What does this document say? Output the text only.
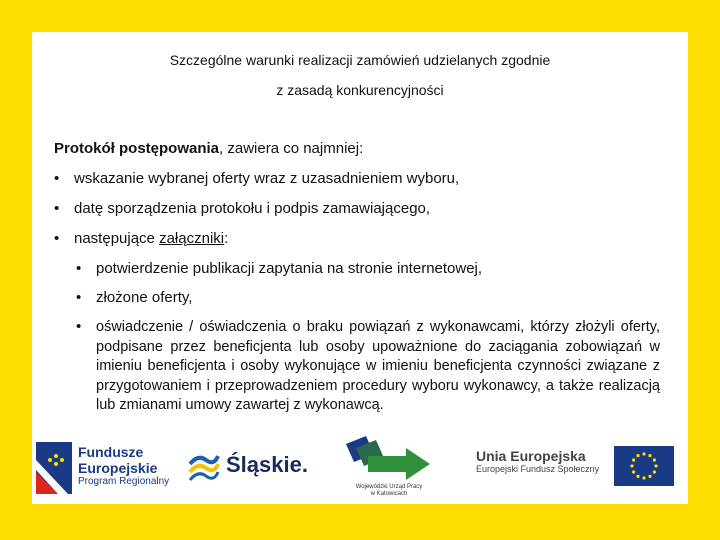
Szczególne warunki realizacji zamówień udzielanych zgodnie
z zasadą konkurencyjności
Protokół postępowania, zawiera co najmniej:
• wskazanie wybranej oferty wraz z uzasadnieniem wyboru,
• datę sporządzenia protokołu i podpis zamawiającego,
• następujące załączniki:
• potwierdzenie publikacji zapytania na stronie internetowej,
• złożone oferty,
• oświadczenie / oświadczenia o braku powiązań z wykonawcami, którzy złożyli oferty, podpisane przez beneficjenta lub osoby upoważnione do zaciągania zobowiązań w imieniu beneficjenta i osoby wykonujące w imieniu beneficjenta czynności związane z przygotowaniem i przeprowadzeniem procedury wyboru wykonawcy, a także realizacją lub zmianami umowy zawartej z wykonawcą.
Fundusze
Europejskie
Program Regionalny
Śląskie.
Wojewódzki Urząd Pracy
w Katowicach
Unia Europejska
Europejski Fundusz Społeczny
